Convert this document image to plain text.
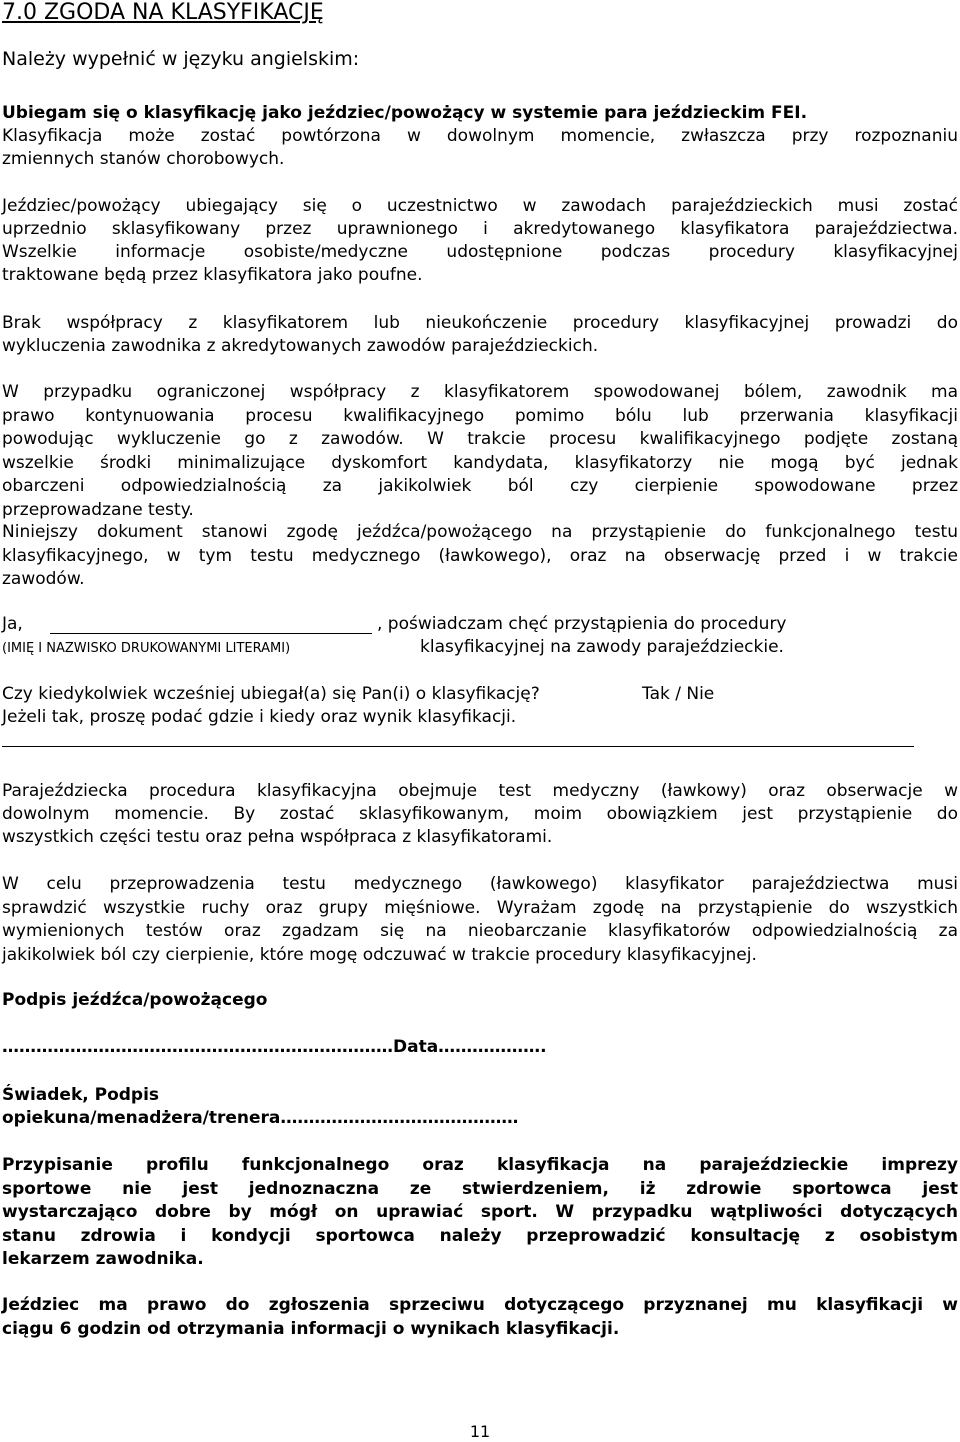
7.0 ZGODA NA KLASYFIKACJĘ
Należy wypełnić w języku angielskim:
Ubiegam się o klasyfikację jako jeździec/powożący w systemie para jeździeckim FEI.
Klasyfikacja może zostać powtórzona w dowolnym momencie, zwłaszcza przy rozpoznaniu
zmiennych stanów chorobowych.
Jeździec/powożący ubiegający się o uczestnictwo w zawodach parajeździeckich musi zostać
uprzednio sklasyfikowany przez uprawnionego i akredytowanego klasyfikatora parajeździectwa.
Wszelkie informacje osobiste/medyczne udostępnione podczas procedury klasyfikacyjnej
traktowane będą przez klasyfikatora jako poufne.
Brak współpracy z klasyfikatorem lub nieukończenie procedury klasyfikacyjnej prowadzi do
wykluczenia zawodnika z akredytowanych zawodów parajeździeckich.
W przypadku ograniczonej współpracy z klasyfikatorem spowodowanej bólem, zawodnik ma
prawo kontynuowania procesu kwalifikacyjnego pomimo bólu lub przerwania klasyfikacji
powodując wykluczenie go z zawodów. W trakcie procesu kwalifikacyjnego podjęte zostaną
wszelkie środki minimalizujące dyskomfort kandydata, klasyfikatorzy nie mogą być jednak
obarczeni odpowiedzialnością za jakikolwiek ból czy cierpienie spowodowane przez
przeprowadzane testy.
Niniejszy dokument stanowi zgodę jeźdźca/powożącego na przystąpienie do funkcjonalnego testu
klasyfikacyjnego, w tym testu medycznego (ławkowego), oraz na obserwację przed i w trakcie
zawodów.
Ja,	, poświadczam chęć przystąpienia do procedury
(IMIĘ I NAZWISKO DRUKOWANYMI LITERAMI)	klasyfikacyjnej na zawody parajeździeckie.
Czy kiedykolwiek wcześniej ubiegał(a) się Pan(i) o klasyfikację?	Tak / Nie
Jeżeli tak, proszę podać gdzie i kiedy oraz wynik klasyfikacji.
Parajeździecka procedura klasyfikacyjna obejmuje test medyczny (ławkowy) oraz obserwacje w
dowolnym momencie. By zostać sklasyfikowanym, moim obowiązkiem jest przystąpienie do
wszystkich części testu oraz pełna współpraca z klasyfikatorami.
W celu przeprowadzenia testu medycznego (ławkowego) klasyfikator parajeździectwa musi
sprawdzić wszystkie ruchy oraz grupy mięśniowe. Wyrażam zgodę na przystąpienie do wszystkich
wymienionych testów oraz zgadzam się na nieobarczanie klasyfikatorów odpowiedzialnością za
jakikolwiek ból czy cierpienie, które mogę odczuwać w trakcie procedury klasyfikacyjnej.
Podpis jeźdźca/powożącego
……………………………………………………………Data……………….
Świadek, Podpis
opiekuna/menadżera/trenera……………………………………
Przypisanie profilu funkcjonalnego oraz klasyfikacja na parajeździeckie imprezy
sportowe nie jest jednoznaczna ze stwierdzeniem, iż zdrowie sportowca jest
wystarczająco dobre by mógł on uprawiać sport. W przypadku wątpliwości dotyczących
stanu zdrowia i kondycji sportowca należy przeprowadzić konsultację z osobistym
lekarzem zawodnika.
Jeździec ma prawo do zgłoszenia sprzeciwu dotyczącego przyznanej mu klasyfikacji w
ciągu 6 godzin od otrzymania informacji o wynikach klasyfikacji.
11
